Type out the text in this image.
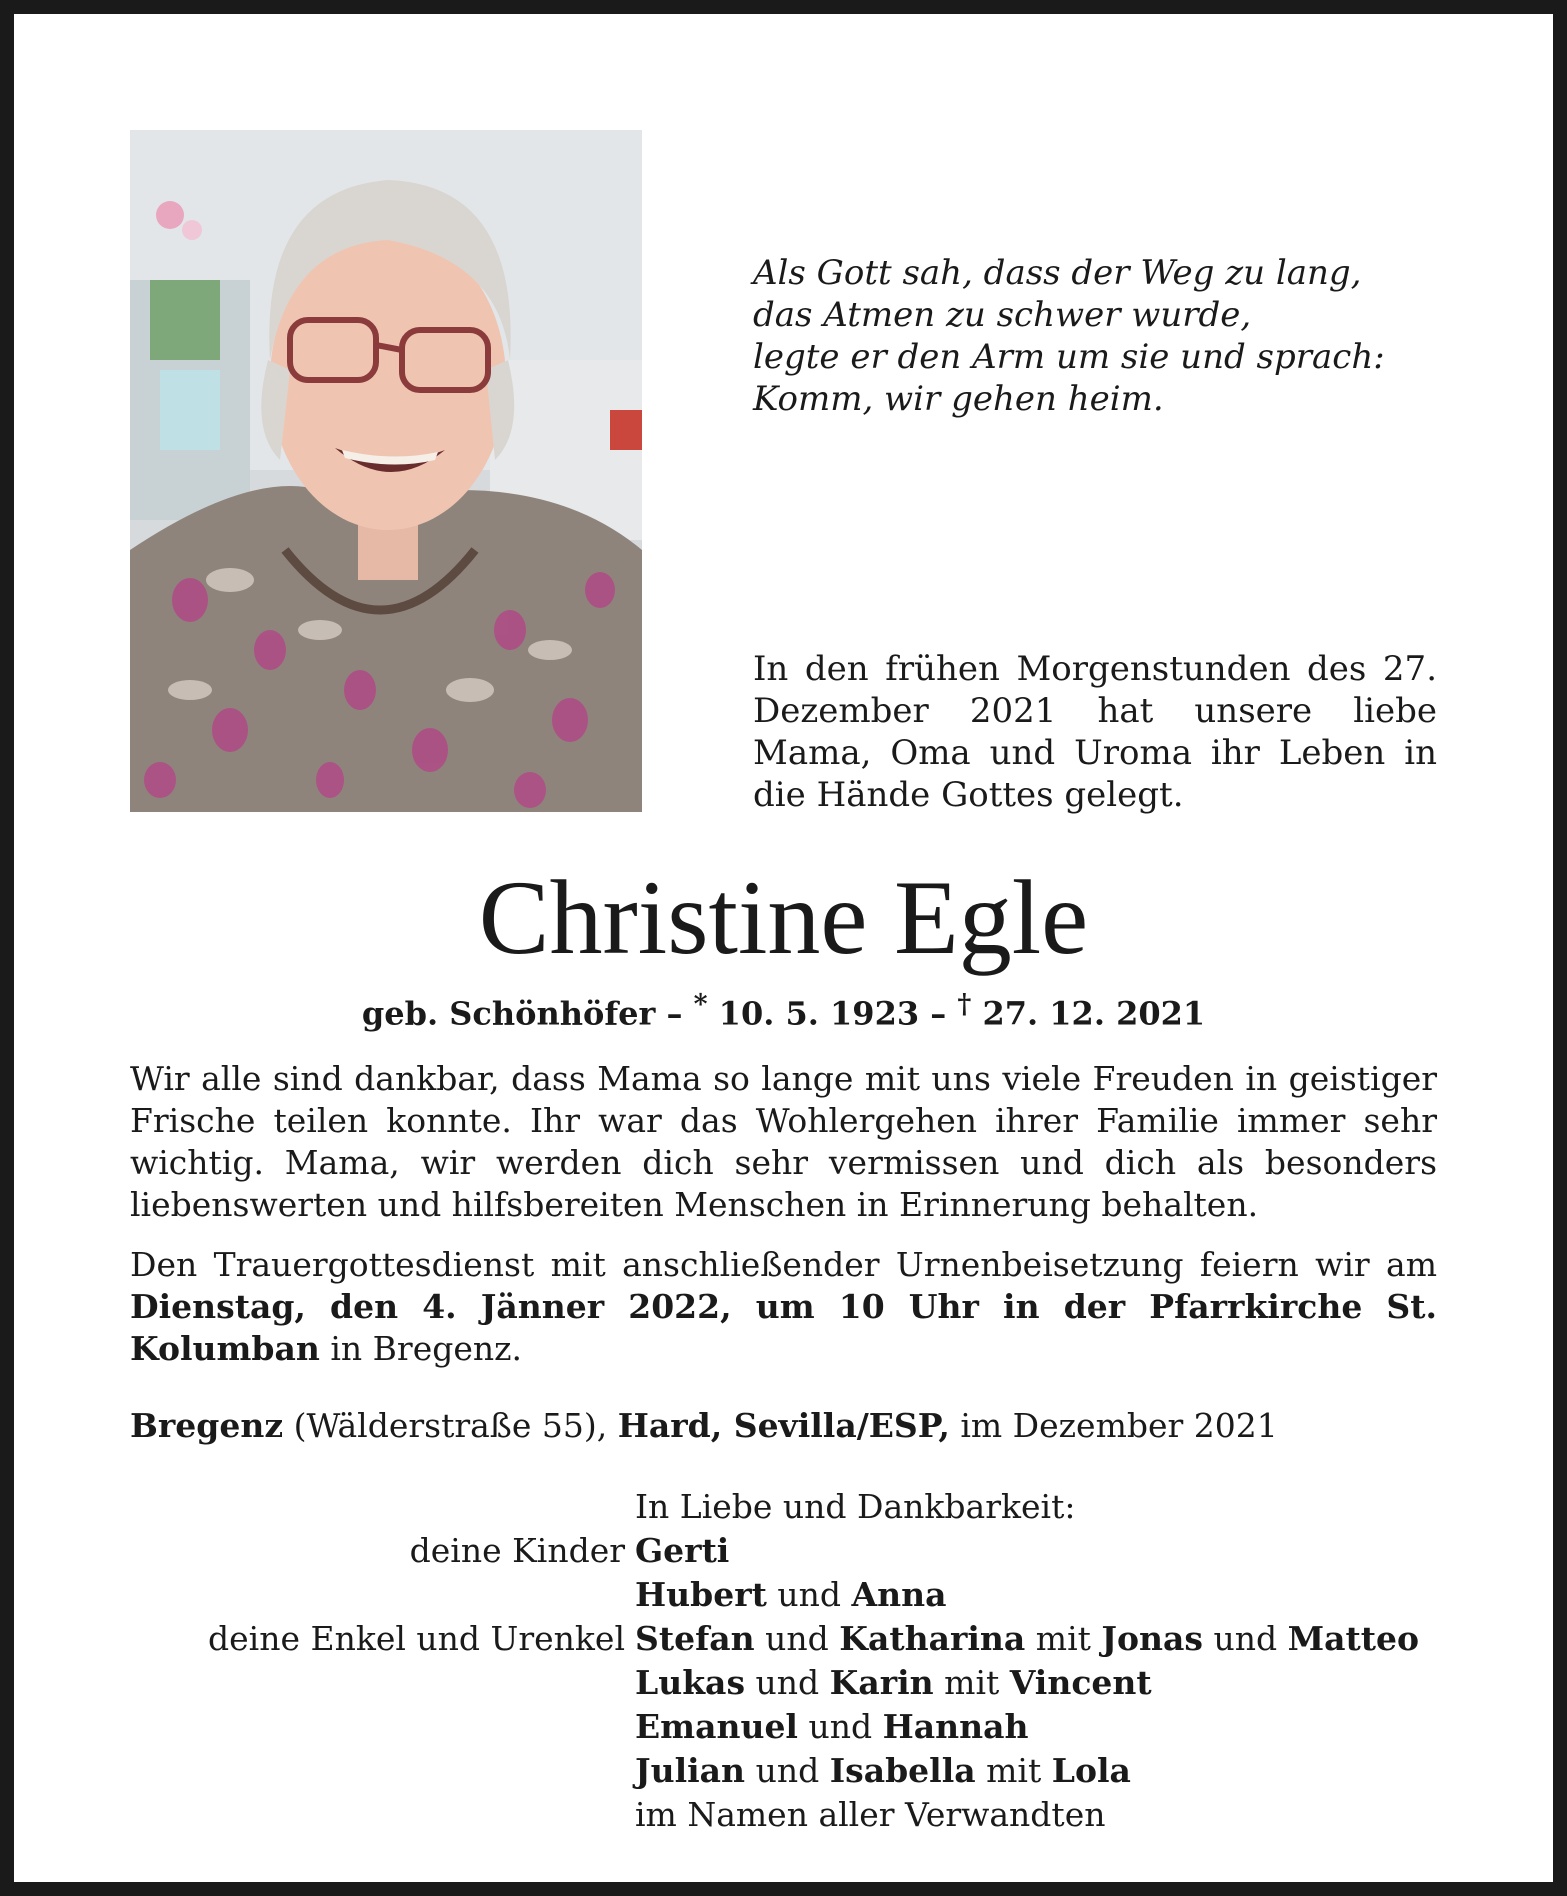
Als Gott sah, dass der Weg zu lang,
das Atmen zu schwer wurde,
legte er den Arm um sie und sprach:
Komm, wir gehen heim.
In den frühen Morgenstunden des 27. Dezember 2021 hat unsere liebe Mama, Oma und Uroma ihr Leben in die Hände Gottes gelegt.
Christine Egle
geb. Schönhöfer – * 10. 5. 1923 – † 27. 12. 2021
Wir alle sind dankbar, dass Mama so lange mit uns viele Freuden in geistiger Frische teilen konnte. Ihr war das Wohlergehen ihrer Familie immer sehr wichtig. Mama, wir werden dich sehr vermissen und dich als besonders liebenswerten und hilfsbereiten Menschen in Erinnerung behalten.
Den Trauergottesdienst mit anschließender Urnenbeisetzung feiern wir am Dienstag, den 4. Jänner 2022, um 10 Uhr in der Pfarrkirche St. Kolumban in Bregenz.
Bregenz (Wälderstraße 55), Hard, Sevilla/ESP, im Dezember 2021
In Liebe und Dankbarkeit:
deine Kinder Gerti
Hubert und Anna
deine Enkel und Urenkel Stefan und Katharina mit Jonas und Matteo
Lukas und Karin mit Vincent
Emanuel und Hannah
Julian und Isabella mit Lola
im Namen aller Verwandten
